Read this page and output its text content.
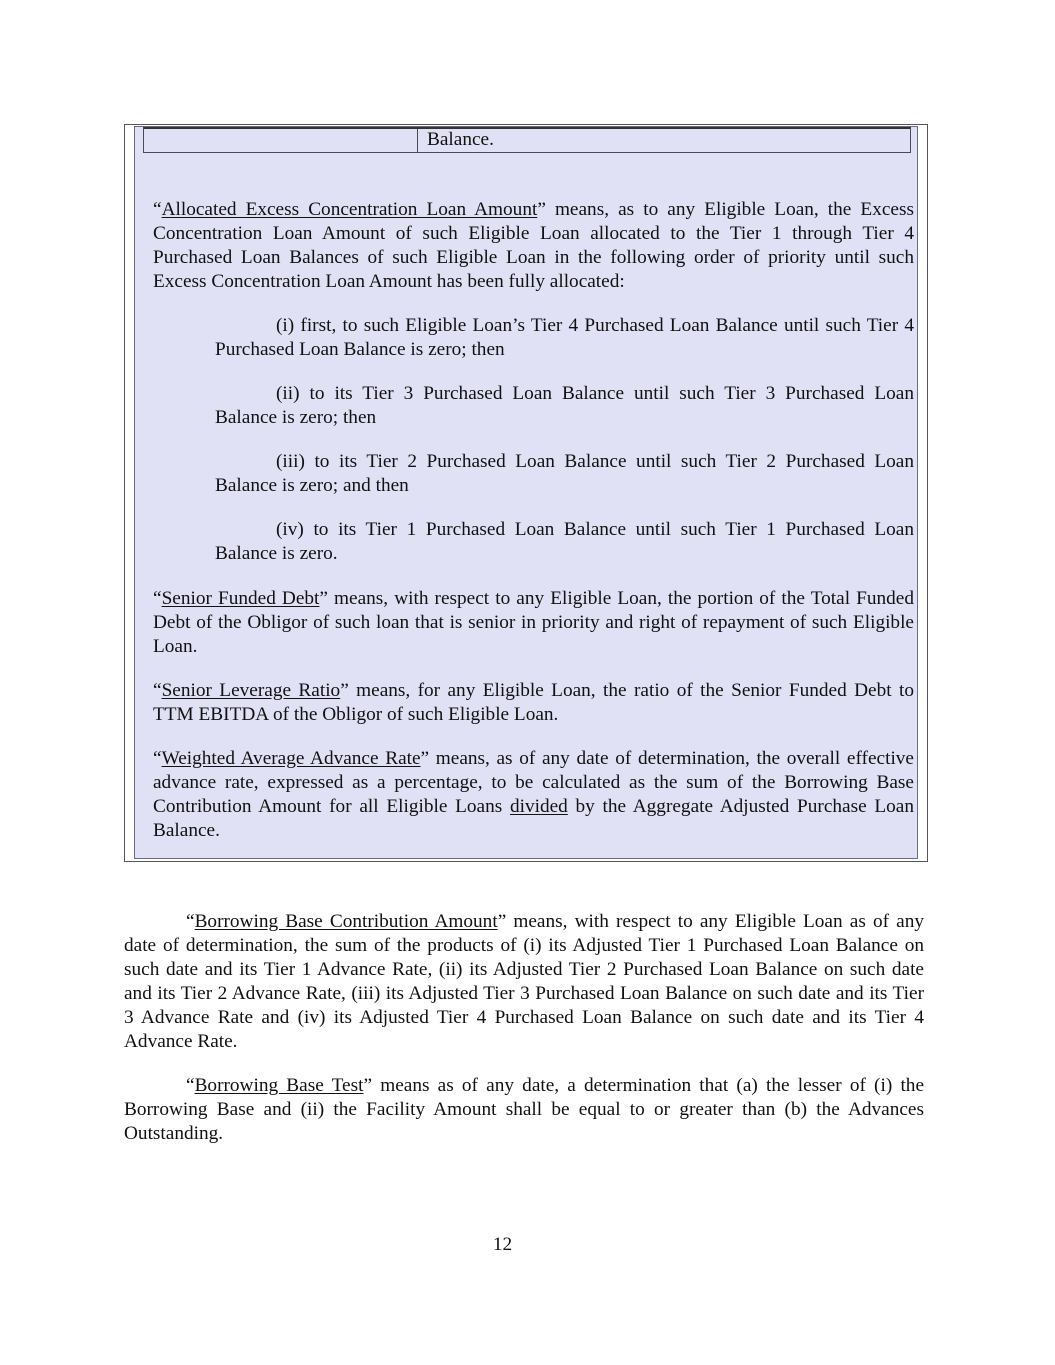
Balance.

“Allocated Excess Concentration Loan Amount” means, as to any Eligible Loan, the Excess Concentration Loan Amount of such Eligible Loan allocated to the Tier 1 through Tier 4 Purchased Loan Balances of such Eligible Loan in the following order of priority until such Excess Concentration Loan Amount has been fully allocated:

(i) first, to such Eligible Loan’s Tier 4 Purchased Loan Balance until such Tier 4 Purchased Loan Balance is zero; then

(ii) to its Tier 3 Purchased Loan Balance until such Tier 3 Purchased Loan Balance is zero; then

(iii) to its Tier 2 Purchased Loan Balance until such Tier 2 Purchased Loan Balance is zero; and then

(iv) to its Tier 1 Purchased Loan Balance until such Tier 1 Purchased Loan Balance is zero.

“Senior Funded Debt” means, with respect to any Eligible Loan, the portion of the Total Funded Debt of the Obligor of such loan that is senior in priority and right of repayment of such Eligible Loan.

“Senior Leverage Ratio” means, for any Eligible Loan, the ratio of the Senior Funded Debt to TTM EBITDA of the Obligor of such Eligible Loan.

“Weighted Average Advance Rate” means, as of any date of determination, the overall effective advance rate, expressed as a percentage, to be calculated as the sum of the Borrowing Base Contribution Amount for all Eligible Loans divided by the Aggregate Adjusted Purchase Loan Balance.

“Borrowing Base Contribution Amount” means, with respect to any Eligible Loan as of any date of determination, the sum of the products of (i) its Adjusted Tier 1 Purchased Loan Balance on such date and its Tier 1 Advance Rate, (ii) its Adjusted Tier 2 Purchased Loan Balance on such date and its Tier 2 Advance Rate, (iii) its Adjusted Tier 3 Purchased Loan Balance on such date and its Tier 3 Advance Rate and (iv) its Adjusted Tier 4 Purchased Loan Balance on such date and its Tier 4 Advance Rate.

“Borrowing Base Test” means as of any date, a determination that (a) the lesser of (i) the Borrowing Base and (ii) the Facility Amount shall be equal to or greater than (b) the Advances Outstanding.

12
